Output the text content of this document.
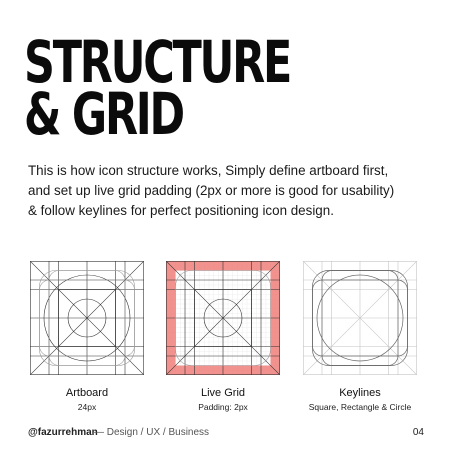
STRUCTURE
& GRID

This is how icon structure works, Simply define artboard first,
and set up live grid padding (2px or more is good for usability)
& follow keylines for perfect positioning icon design.

Artboard
24px
Live Grid
Padding: 2px
Keylines
Square, Rectangle & Circle
@fazurrehman
— Design / UX / Business	04
